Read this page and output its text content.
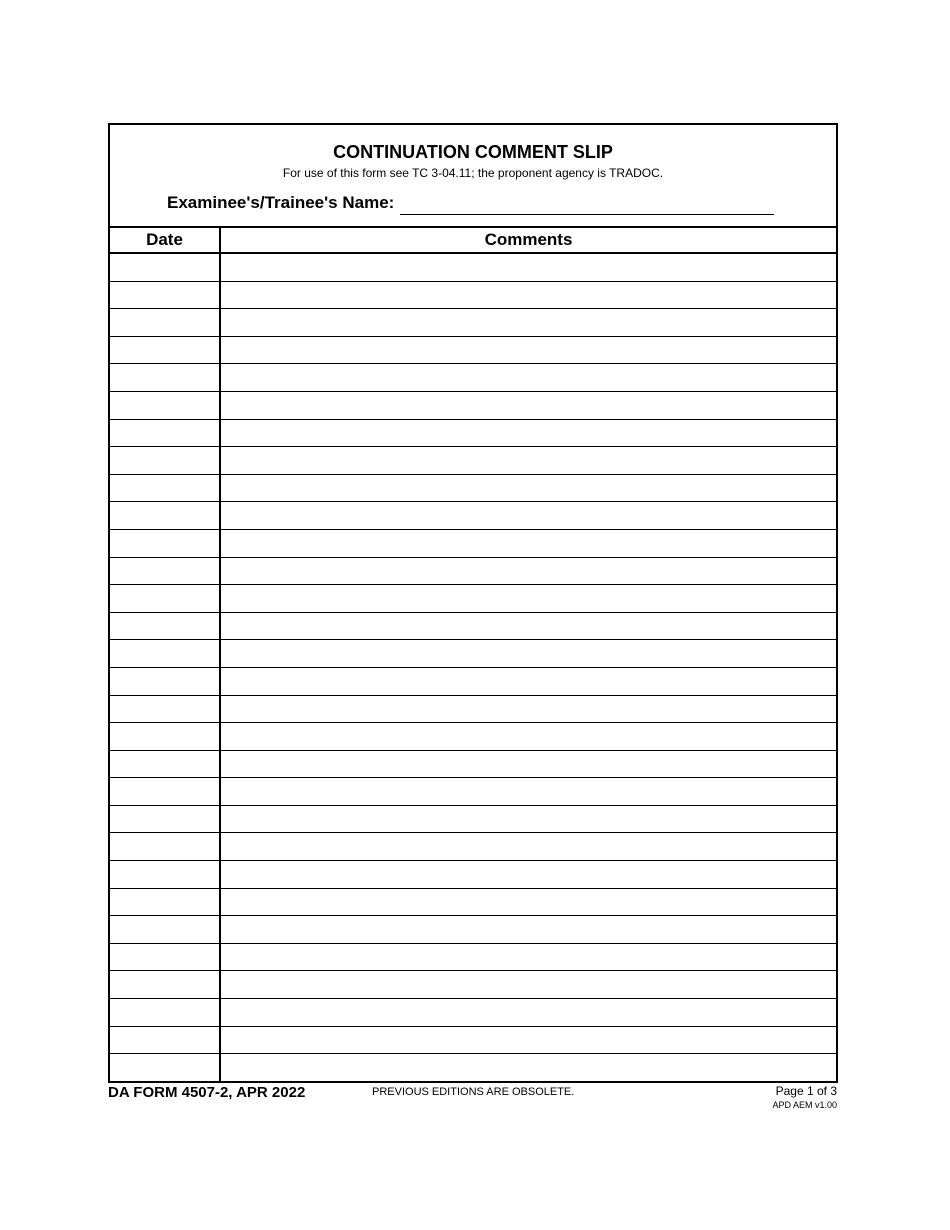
CONTINUATION COMMENT SLIP
For use of this form see TC 3-04.11; the proponent agency is TRADOC.
Examinee's/Trainee's Name:
Date	Comments

DA FORM 4507-2, APR 2022	PREVIOUS EDITIONS ARE OBSOLETE.	Page 1 of 3
APD AEM v1.00
